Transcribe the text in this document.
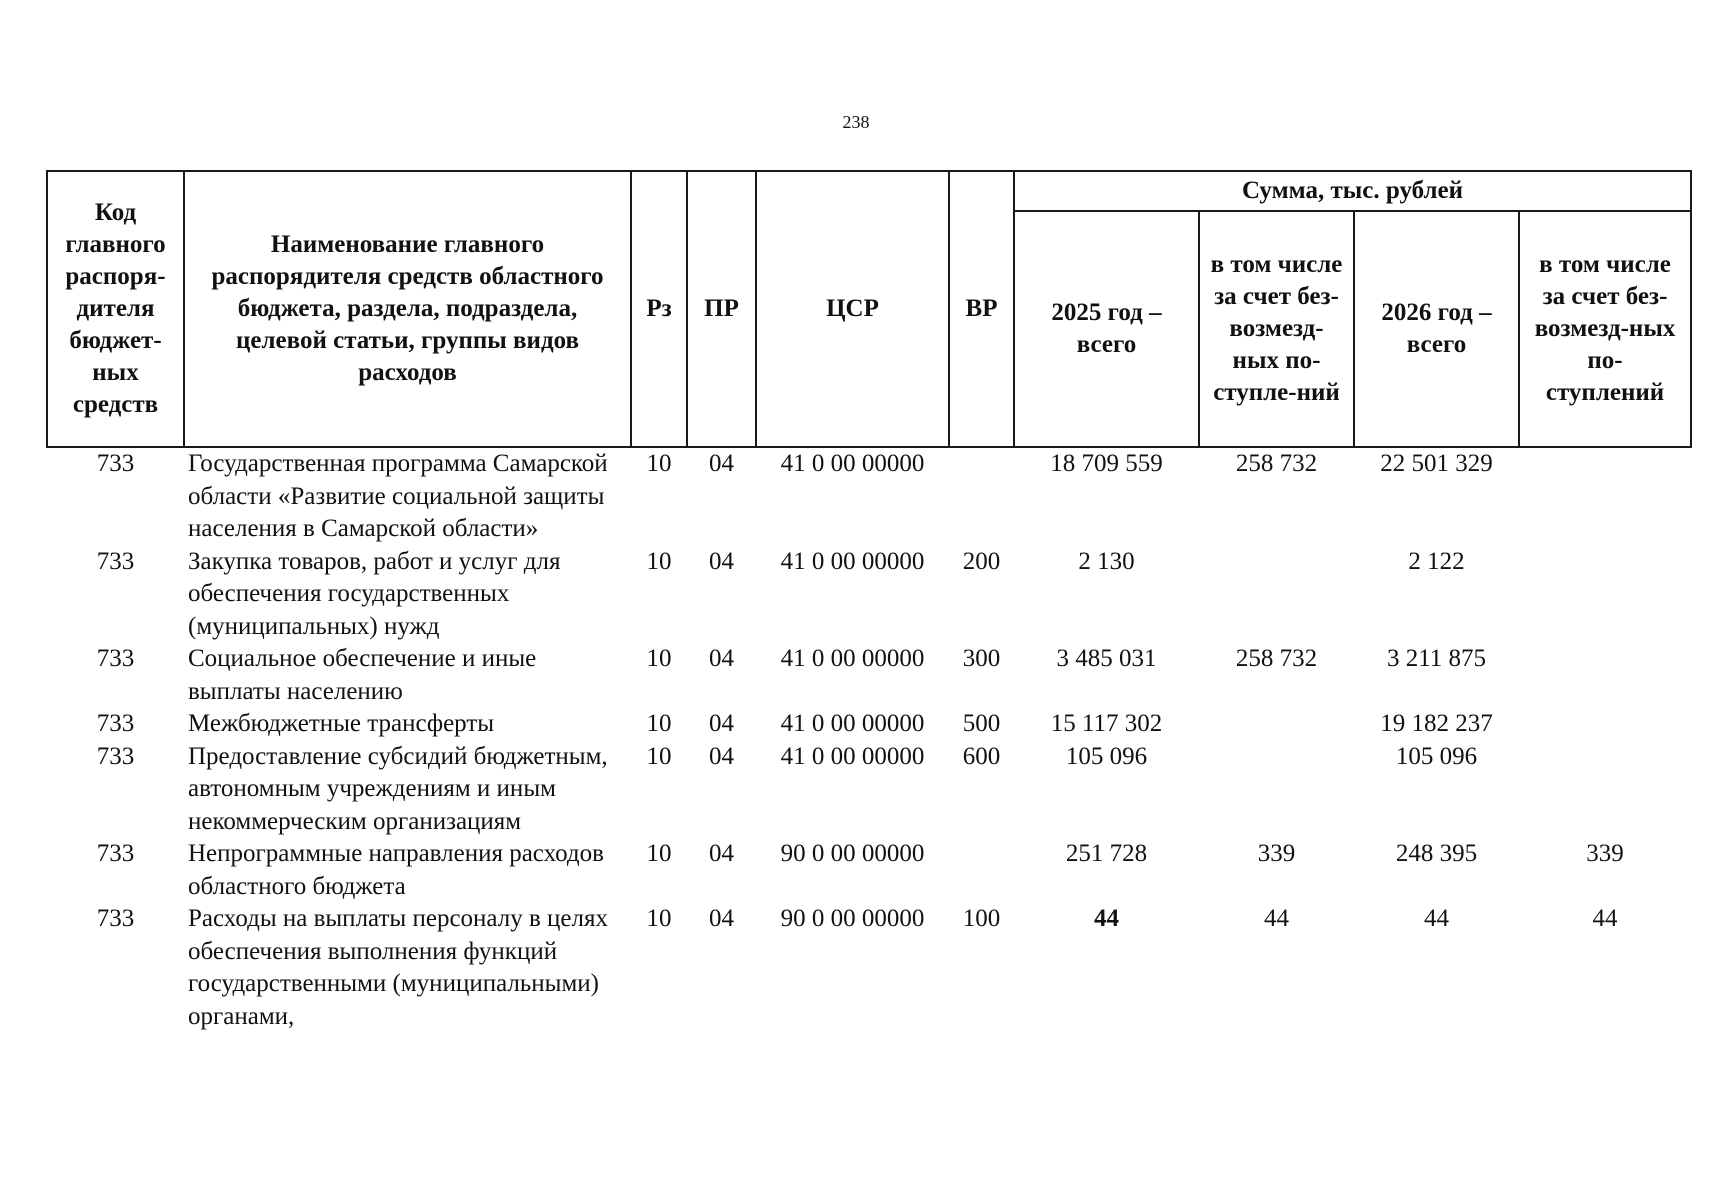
238
Код главного распоря-дителя бюджет-ных средств	Наименование главного распорядителя средств областного бюджета, раздела, подраздела, целевой статьи, группы видов расходов	Рз	ПР	ЦСР	ВР	Сумма, тыс. рублей			
						2025 год – всего	в том числе за счет без-возмезд-ных по-ступле-ний	2026 год – всего	в том числе за счет без-возмезд-ных по-ступлений
733	Государственная программа Самарской области «Развитие социальной защиты населения в Самарской области»	10	04	41 0 00 00000		18 709 559	258 732	22 501 329	
733	Закупка товаров, работ и услуг для обеспечения государственных (муниципальных) нужд	10	04	41 0 00 00000	200	2 130		2 122	
733	Социальное обеспечение и иные выплаты населению	10	04	41 0 00 00000	300	3 485 031	258 732	3 211 875	
733	Межбюджетные трансферты	10	04	41 0 00 00000	500	15 117 302		19 182 237	
733	Предоставление субсидий бюджетным, автономным учреждениям и иным некоммерческим организациям	10	04	41 0 00 00000	600	105 096		105 096	
733	Непрограммные направления расходов областного бюджета	10	04	90 0 00 00000		251 728	339	248 395	339
733	Расходы на выплаты персоналу в целях обеспечения выполнения функций государственными (муниципальными) органами,	10	04	90 0 00 00000	100	44	44	44	44
